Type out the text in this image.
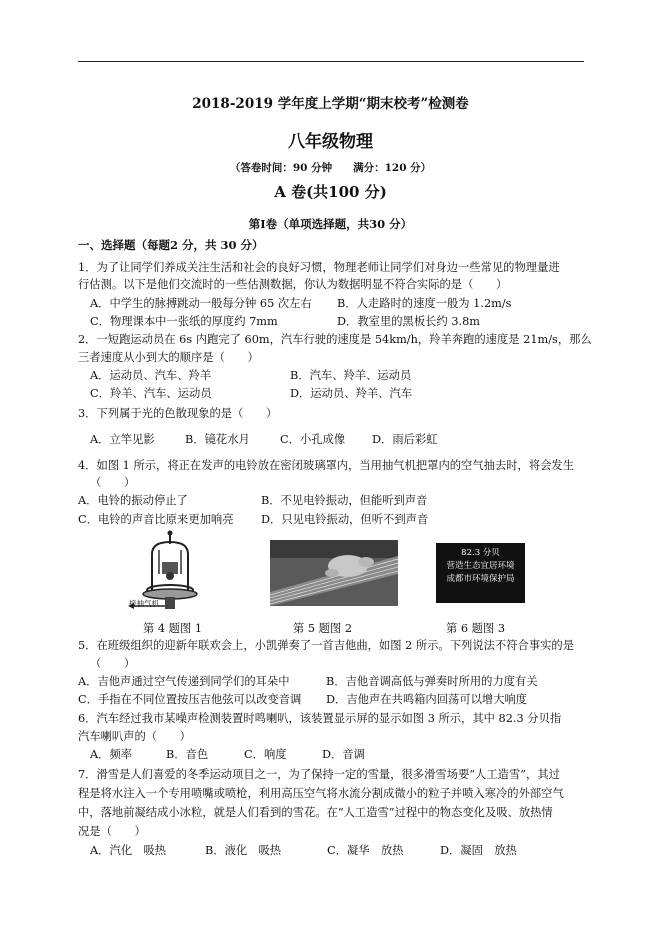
2018-2019 学年度上学期“期末校考”检测卷
八年级物理
（答卷时间：90 分钟　　满分：120 分）
A 卷(共100 分)
第Ⅰ卷（单项选择题，共30 分）
一、选择题（每题2 分，共 30 分）
1．为了让同学们养成关注生活和社会的良好习惯，物理老师让同学们对身边一些常见的物理量进
行估测。以下是他们交流时的一些估测数据，你认为数据明显不符合实际的是（　　）
A．中学生的脉搏跳动一般每分钟 65 次左右 B．人走路时的速度一般为 1.2m/s
C．物理课本中一张纸的厚度约 7mm	D．教室里的黑板长约 3.8m
2．一短跑运动员在 6s 内跑完了 60m，汽车行驶的速度是 54km/h，羚羊奔跑的速度是 21m/s，那么
三者速度从小到大的顺序是（　　）
A．运动员、汽车、羚羊	B．汽车、羚羊、运动员
C．羚羊、汽车、运动员	D．运动员、羚羊、汽车
3．下列属于光的色散现象的是（　　）
A．立竿见影	B．镜花水月	C．小孔成像 D．雨后彩虹
4．如图 1 所示，将正在发声的电铃放在密闭玻璃罩内，当用抽气机把罩内的空气抽去时，将会发生
（　　）
A．电铃的振动停止了	B．不见电铃振动，但能听到声音
C．电铃的声音比原来更加响亮 D．只见电铃振动，但听不到声音
接抽气机
82.3 分贝
营造生态宜居环境
成都市环境保护局
第 4 题图 1	第 5 题图 2	第 6 题图 3
5．在班级组织的迎新年联欢会上，小凯弹奏了一首吉他曲，如图 2 所示。下列说法不符合事实的是
（　　）
A．吉他声通过空气传递到同学们的耳朵中	B．吉他音调高低与弹奏时所用的力度有关
C．手指在不同位置按压吉他弦可以改变音调 D．吉他声在共鸣箱内回荡可以增大响度
6．汽车经过我市某噪声检测装置时鸣喇叭，该装置显示屏的显示如图 3 所示，其中 82.3 分贝指
汽车喇叭声的（　　）
A．频率	B．音色	C．响度	D．音调
7．滑雪是人们喜爱的冬季运动项目之一，为了保持一定的雪量，很多滑雪场要“人工造雪”，其过
程是将水注入一个专用喷嘴或喷枪，利用高压空气将水流分割成微小的粒子并喷入寒冷的外部空气
中，落地前凝结成小冰粒，就是人们看到的雪花。在“人工造雪”过程中的物态变化及吸、放热情
况是（　　）
A．汽化　吸热	B．液化　吸热	C．凝华　放热	D．凝固　放热
